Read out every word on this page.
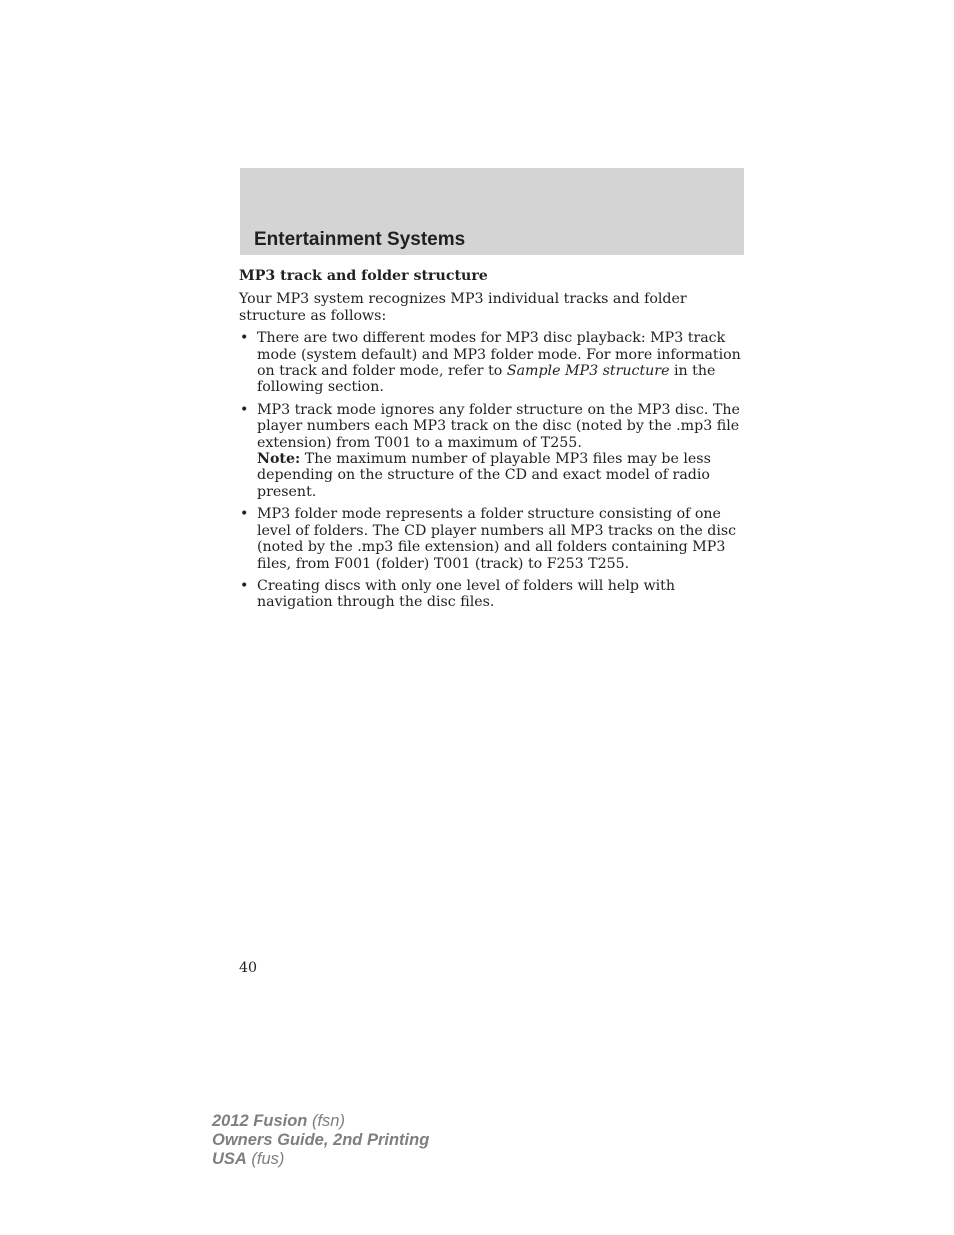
Entertainment Systems

MP3 track and folder structure

Your MP3 system recognizes MP3 individual tracks and folder structure as follows:

• There are two different modes for MP3 disc playback: MP3 track mode (system default) and MP3 folder mode. For more information on track and folder mode, refer to Sample MP3 structure in the following section.
• MP3 track mode ignores any folder structure on the MP3 disc. The player numbers each MP3 track on the disc (noted by the .mp3 file extension) from T001 to a maximum of T255.
Note: The maximum number of playable MP3 files may be less depending on the structure of the CD and exact model of radio present.
• MP3 folder mode represents a folder structure consisting of one level of folders. The CD player numbers all MP3 tracks on the disc (noted by the .mp3 file extension) and all folders containing MP3 files, from F001 (folder) T001 (track) to F253 T255.
• Creating discs with only one level of folders will help with navigation through the disc files.
40
2012 Fusion (fsn)
Owners Guide, 2nd Printing
USA (fus)
